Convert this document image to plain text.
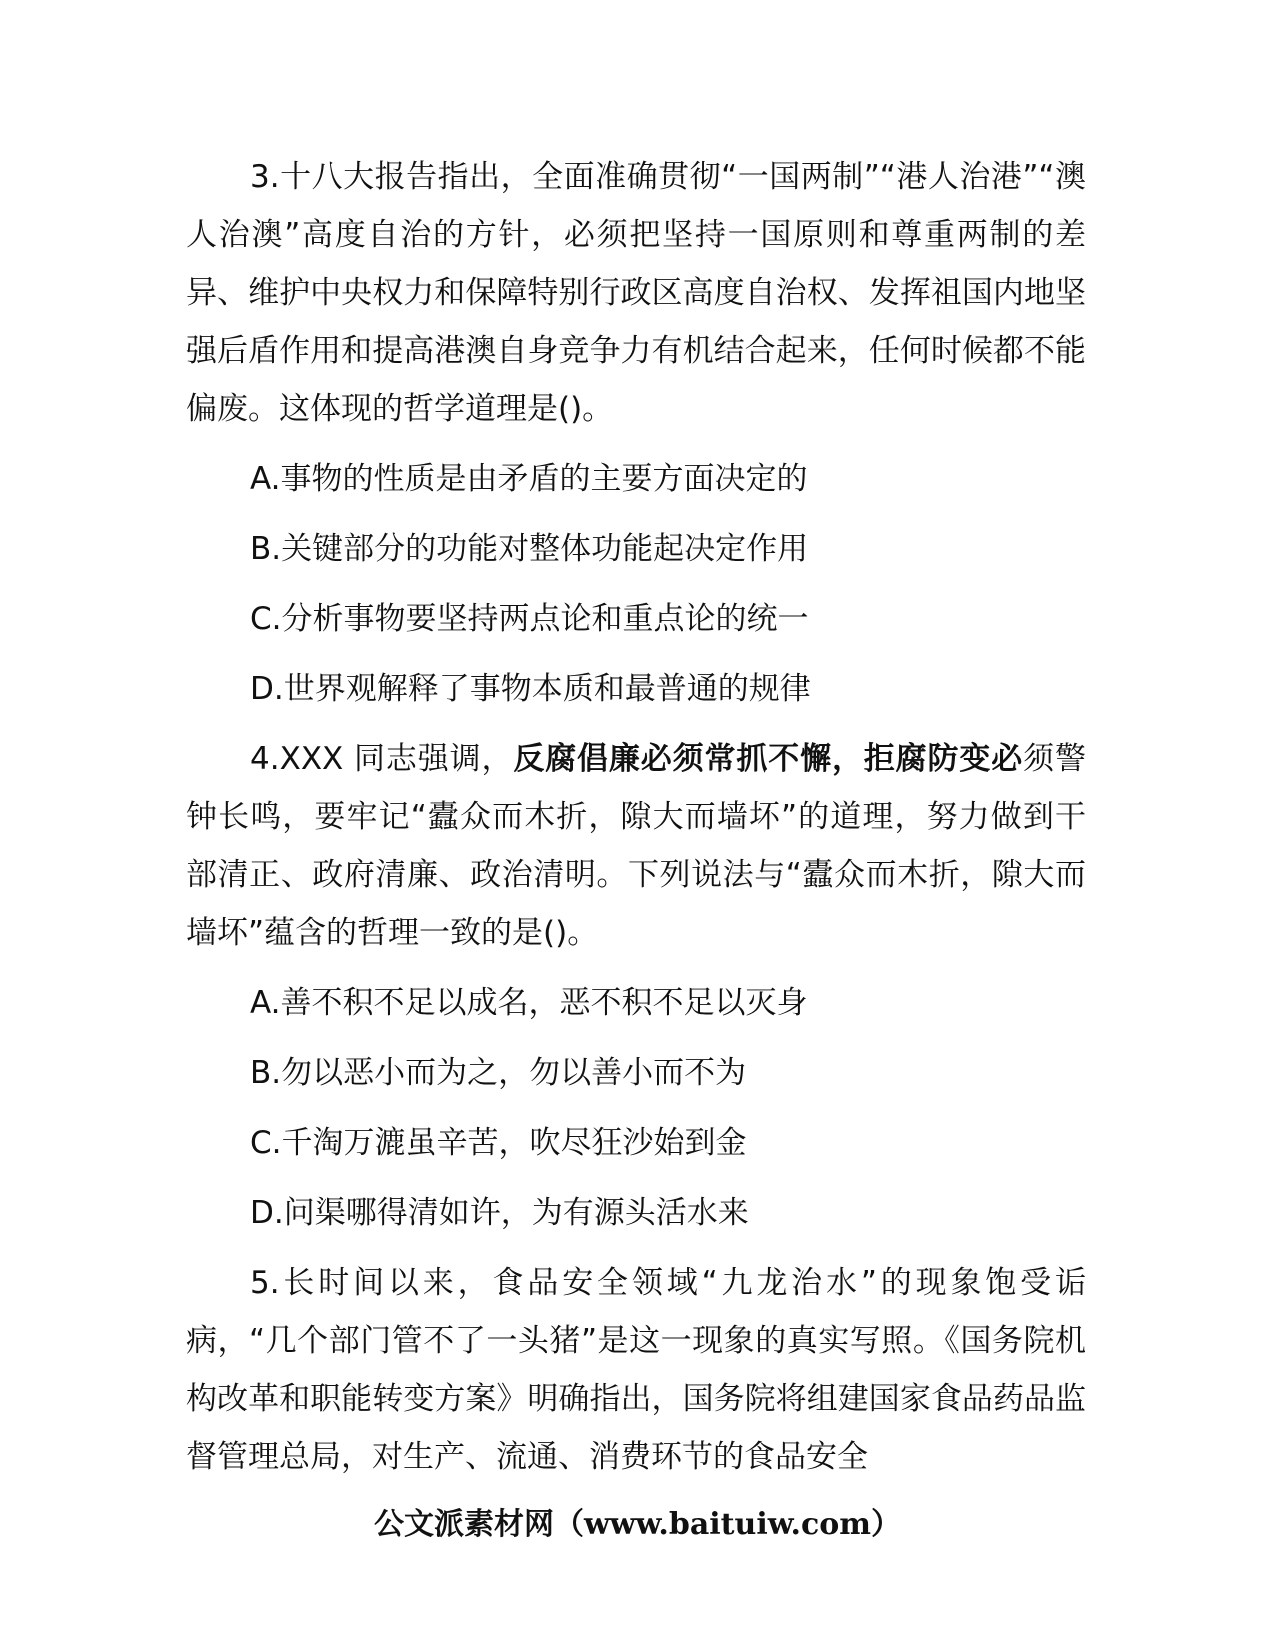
3.十八大报告指出，全面准确贯彻“一国两制”“港人治港”“澳人治澳”高度自治的方针，必须把坚持一国原则和尊重两制的差异、维护中央权力和保障特别行政区高度自治权、发挥祖国内地坚强后盾作用和提高港澳自身竞争力有机结合起来，任何时候都不能偏废。这体现的哲学道理是()。

A.事物的性质是由矛盾的主要方面决定的

B.关键部分的功能对整体功能起决定作用

C.分析事物要坚持两点论和重点论的统一

D.世界观解释了事物本质和最普通的规律

4.XXX 同志强调，反腐倡廉必须常抓不懈，拒腐防变必须警钟长鸣，要牢记“蠹众而木折，隙大而墙坏”的道理，努力做到干部清正、政府清廉、政治清明。下列说法与“蠹众而木折，隙大而墙坏”蕴含的哲理一致的是()。

A.善不积不足以成名，恶不积不足以灭身

B.勿以恶小而为之，勿以善小而不为

C.千淘万漉虽辛苦，吹尽狂沙始到金

D.问渠哪得清如许，为有源头活水来

5.长时间以来，食品安全领域“九龙治水”的现象饱受诟病，“几个部门管不了一头猪”是这一现象的真实写照。《国务院机构改革和职能转变方案》明确指出，国务院将组建国家食品药品监督管理总局，对生产、流通、消费环节的食品安全

公文派素材网（www.baituiw.com）
